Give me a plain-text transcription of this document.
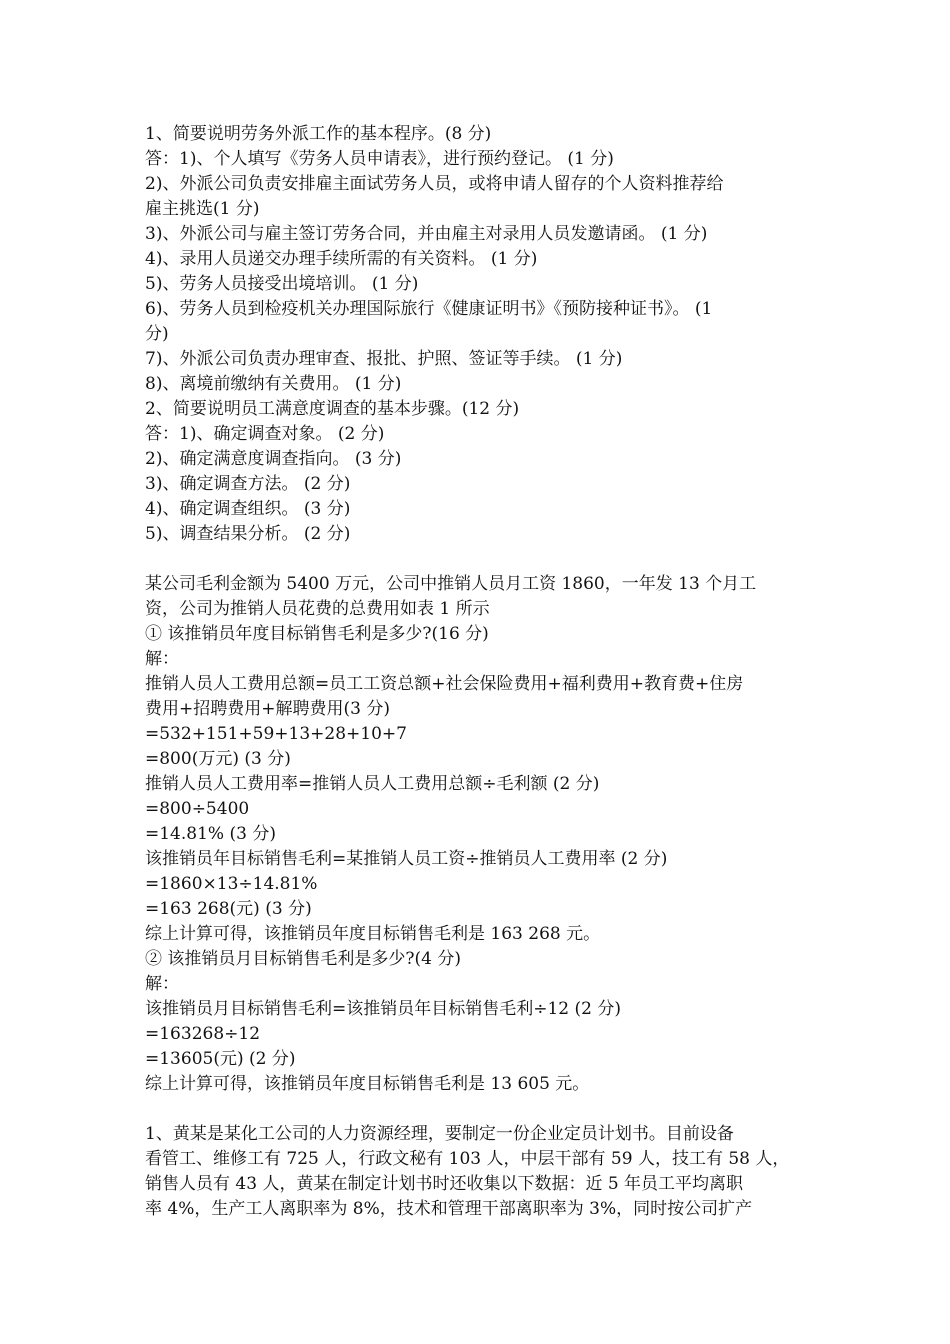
1、简要说明劳务外派工作的基本程序。(8 分)
答：1)、个人填写《劳务人员申请表》，进行预约登记。 (1 分)
2)、外派公司负责安排雇主面试劳务人员，或将申请人留存的个人资料推荐给
雇主挑选(1 分)
3)、外派公司与雇主签订劳务合同，并由雇主对录用人员发邀请函。 (1 分)
4)、录用人员递交办理手续所需的有关资料。 (1 分)
5)、劳务人员接受出境培训。 (1 分)
6)、劳务人员到检疫机关办理国际旅行《健康证明书》《预防接种证书》。 (1
分)
7)、外派公司负责办理审查、报批、护照、签证等手续。 (1 分)
8)、离境前缴纳有关费用。 (1 分)
2、简要说明员工满意度调查的基本步骤。(12 分)
答：1)、确定调查对象。 (2 分)
2)、确定满意度调查指向。 (3 分)
3)、确定调查方法。 (2 分)
4)、确定调查组织。 (3 分)
5)、调查结果分析。 (2 分)
某公司毛利金额为 5400 万元，公司中推销人员月工资 1860，一年发 13 个月工
资，公司为推销人员花费的总费用如表 1 所示
① 该推销员年度目标销售毛利是多少?(16 分)
解：
推销人员人工费用总额=员工工资总额+社会保险费用+福利费用+教育费+住房
费用+招聘费用+解聘费用(3 分)
=532+151+59+13+28+10+7
=800(万元) (3 分)
推销人员人工费用率=推销人员人工费用总额÷毛利额 (2 分)
=800÷5400
=14.81% (3 分)
该推销员年目标销售毛利=某推销人员工资÷推销员人工费用率 (2 分)
=1860×13÷14.81%
=163 268(元) (3 分)
综上计算可得，该推销员年度目标销售毛利是 163 268 元。
② 该推销员月目标销售毛利是多少?(4 分)
解：
该推销员月目标销售毛利=该推销员年目标销售毛利÷12 (2 分)
=163268÷12
=13605(元) (2 分)
综上计算可得，该推销员年度目标销售毛利是 13 605 元。
1、黄某是某化工公司的人力资源经理，要制定一份企业定员计划书。目前设备
看管工、维修工有 725 人，行政文秘有 103 人，中层干部有 59 人，技工有 58 人，
销售人员有 43 人，黄某在制定计划书时还收集以下数据：近 5 年员工平均离职
率 4%，生产工人离职率为 8%，技术和管理干部离职率为 3%，同时按公司扩产
